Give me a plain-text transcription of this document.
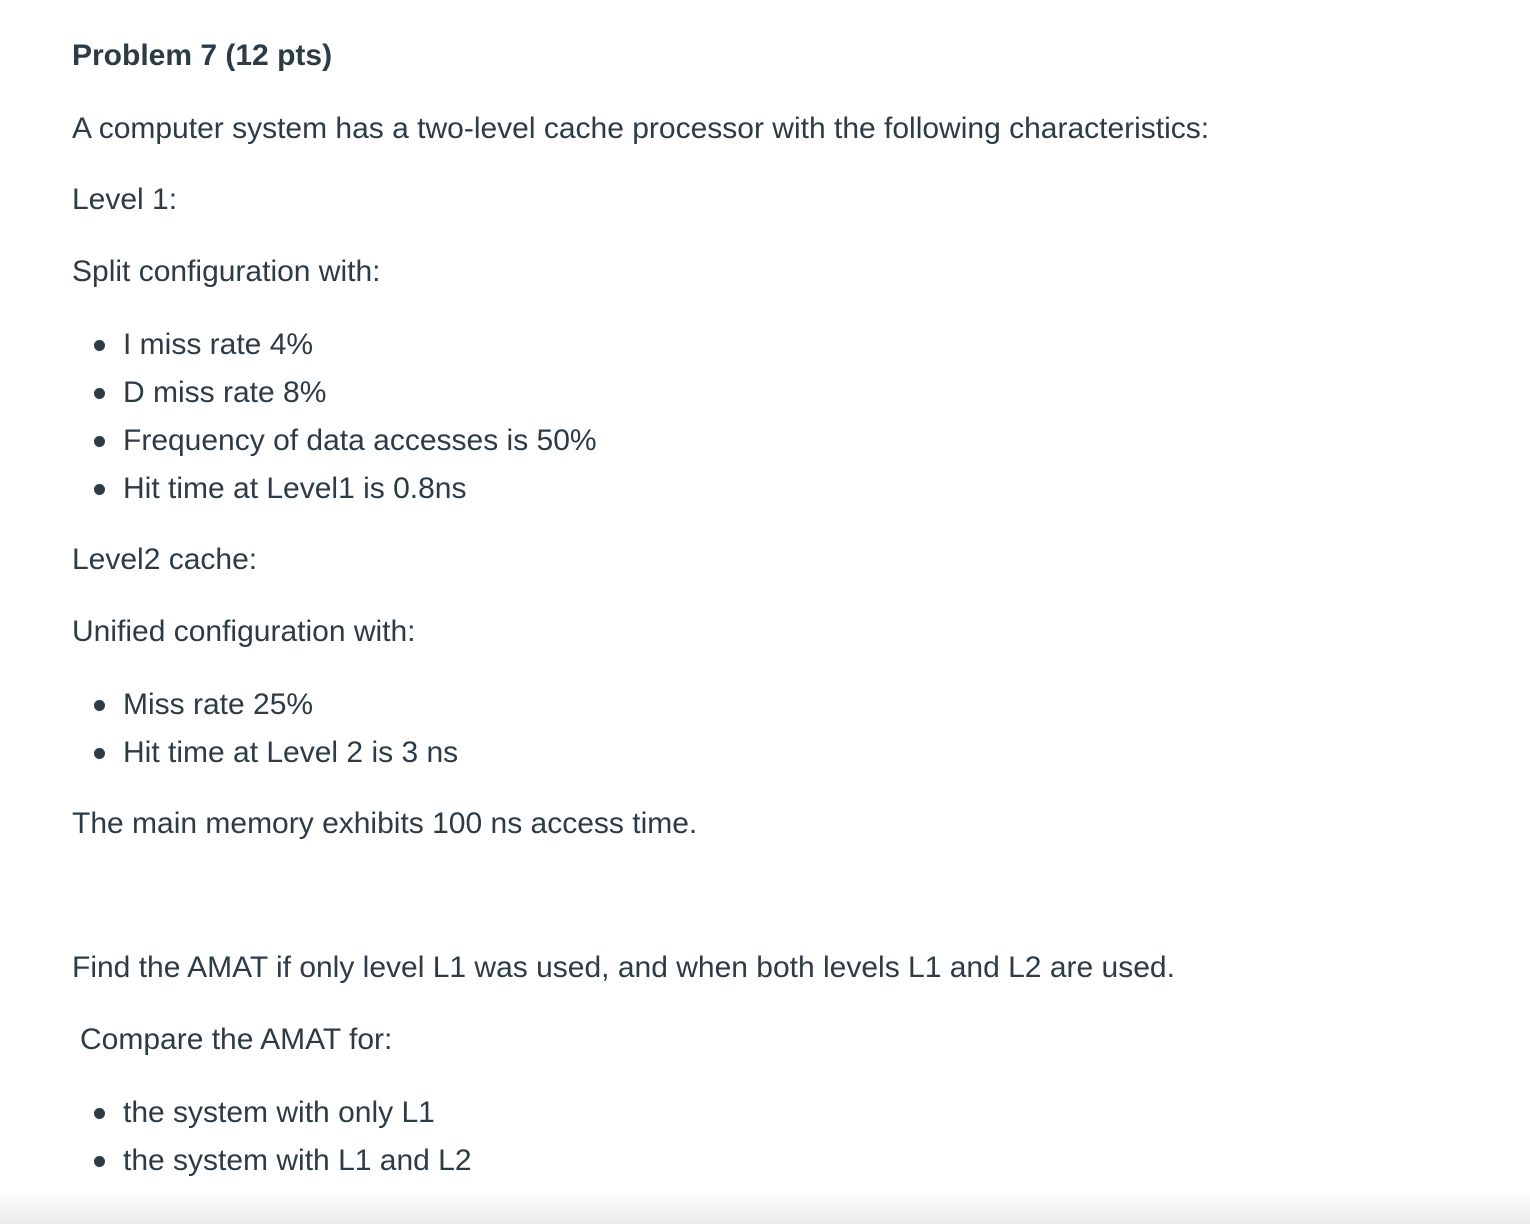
Problem 7 (12 pts)

A computer system has a two-level cache processor with the following characteristics:

Level 1:

Split configuration with:

I miss rate 4%
D miss rate 8%
Frequency of data accesses is 50%
Hit time at Level1 is 0.8ns

Level2 cache:

Unified configuration with:

Miss rate 25%
Hit time at Level 2 is 3 ns

The main memory exhibits 100 ns access time.

Find the AMAT if only level L1 was used, and when both levels L1 and L2 are used.

Compare the AMAT for:

the system with only L1
the system with L1 and L2
